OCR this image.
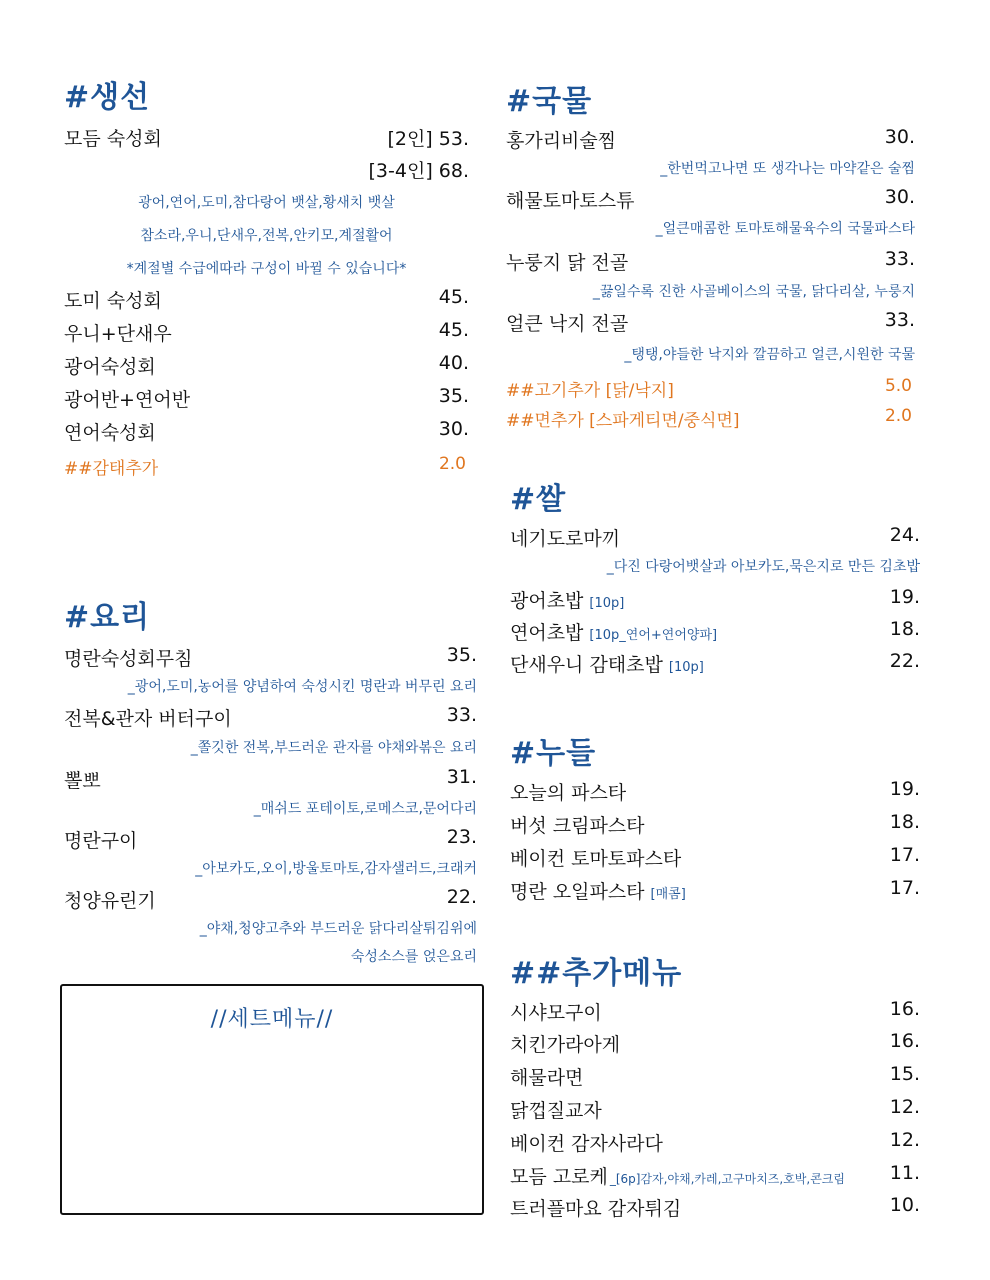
#생선
모듬 숙성회	[2인] 53.
[3-4인] 68.
광어,연어,도미,참다랑어 뱃살,황새치 뱃살
참소라,우니,단새우,전복,안키모,계절활어
*계절별 수급에따라 구성이 바뀔 수 있습니다*
도미 숙성회	45.
우니+단새우	45.
광어숙성회	40.
광어반+연어반	35.
연어숙성회	30.
##감태추가	2.0
#요리
명란숙성회무침	35.
_광어,도미,농어를 양념하여 숙성시킨 명란과 버무린 요리
전복&관자 버터구이	33.
_쫄깃한 전복,부드러운 관자를 야채와볶은 요리
뽈뽀	31.
_매쉬드 포테이토,로메스코,문어다리
명란구이	23.
_아보카도,오이,방울토마토,감자샐러드,크래커
청양유린기	22.
_야채,청양고추와 부드러운 닭다리살튀김위에
숙성소스를 얹은요리
//세트메뉴//
#국물
홍가리비술찜	30.
_한번먹고나면 또 생각나는 마약같은 술찜
해물토마토스튜	30.
_얼큰매콤한 토마토해물육수의 국물파스타
누룽지 닭 전골	33.
_끓일수록 진한 사골베이스의 국물, 닭다리살, 누룽지
얼큰 낙지 전골	33.
_탱탱,야들한 낙지와 깔끔하고 얼큰,시원한 국물
##고기추가 [닭/낙지]	5.0
##면추가 [스파게티면/중식면]	2.0
#쌀
네기도로마끼	24.
_다진 다랑어뱃살과 아보카도,묵은지로 만든 김초밥
광어초밥 [10p]	19.
연어초밥 [10p_연어+연어양파]	18.
단새우니 감태초밥 [10p]	22.
#누들
오늘의 파스타	19.
버섯 크림파스타	18.
베이컨 토마토파스타	17.
명란 오일파스타 [매콤]	17.
##추가메뉴
시샤모구이	16.
치킨가라아게	16.
해물라면	15.
닭껍질교자	12.
베이컨 감자사라다	12.
모듬 고로케 _[6p]감자,야채,카레,고구마치즈,호박,콘크림 11.
트러플마요 감자튀김	10.
